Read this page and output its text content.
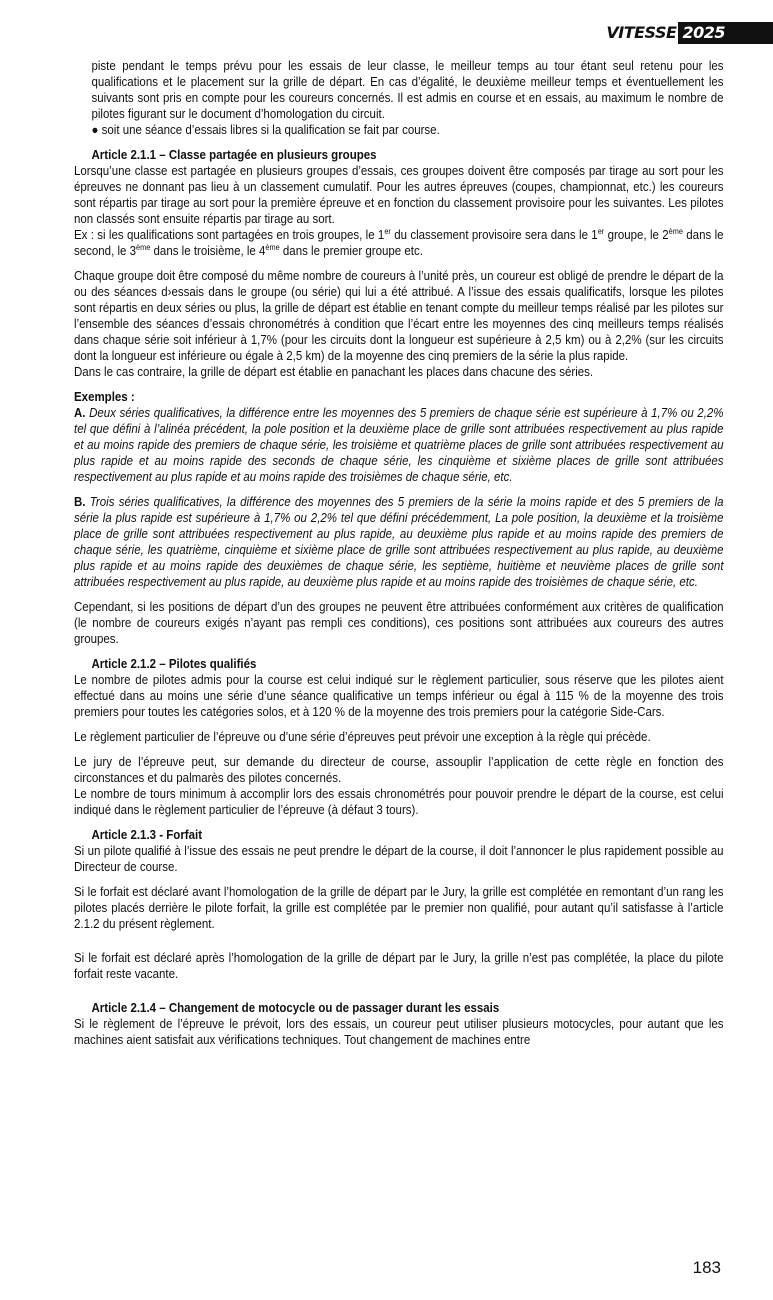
VITESSE 2025

piste pendant le temps prévu pour les essais de leur classe, le meilleur temps au tour étant seul retenu pour les qualifications et le placement sur la grille de départ. En cas d’égalité, le deuxième meilleur temps et éventuellement les suivants sont pris en compte pour les coureurs concernés. Il est admis en course et en essais, au maximum le nombre de pilotes figurant sur le document d’homologation du circuit.

● soit une séance d’essais libres si la qualification se fait par course.

Article 2.1.1 – Classe partagée en plusieurs groupes

Lorsqu’une classe est partagée en plusieurs groupes d’essais, ces groupes doivent être composés par tirage au sort pour les épreuves ne donnant pas lieu à un classement cumulatif. Pour les autres épreuves (coupes, championnat, etc.) les coureurs sont répartis par tirage au sort pour la première épreuve et en fonction du classement provisoire pour les suivantes. Les pilotes non classés sont ensuite répartis par tirage au sort.

Ex : si les qualifications sont partagées en trois groupes, le 1er du classement provisoire sera dans le 1er groupe, le 2ème dans le second, le 3ème dans le troisième, le 4ème dans le premier groupe etc.

Chaque groupe doit être composé du même nombre de coureurs à l’unité près, un coureur est obligé de prendre le départ de la ou des séances d›essais dans le groupe (ou série) qui lui a été attribué. A l’issue des essais qualificatifs, lorsque les pilotes sont répartis en deux séries ou plus, la grille de départ est établie en tenant compte du meilleur temps réalisé par les pilotes sur l’ensemble des séances d’essais chronométrés à condition que l’écart entre les moyennes des cinq meilleurs temps réalisés dans chaque série soit inférieur à 1,7% (pour les circuits dont la longueur est supérieure à 2,5 km) ou à 2,2% (sur les circuits dont la longueur est inférieure ou égale à 2,5 km) de la moyenne des cinq premiers de la série la plus rapide.

Dans le cas contraire, la grille de départ est établie en panachant les places dans chacune des séries.

Exemples :

A. Deux séries qualificatives, la différence entre les moyennes des 5 premiers de chaque série est supérieure à 1,7% ou 2,2% tel que défini à l’alinéa précédent, la pole position et la deuxième place de grille sont attribuées respectivement au plus rapide et au moins rapide des premiers de chaque série, les troisième et quatrième places de grille sont attribuées respectivement au plus rapide et au moins rapide des seconds de chaque série, les cinquième et sixième places de grille sont attribuées respectivement au plus rapide et au moins rapide des troisièmes de chaque série, etc.

B. Trois séries qualificatives, la différence des moyennes des 5 premiers de la série la moins rapide et des 5 premiers de la série la plus rapide est supérieure à 1,7% ou 2,2% tel que défini précédemment, La pole position, la deuxième et la troisième place de grille sont attribuées respectivement au plus rapide, au deuxième plus rapide et au moins rapide des premiers de chaque série, les quatrième, cinquième et sixième place de grille sont attribuées respectivement au plus rapide, au deuxième plus rapide et au moins rapide des deuxièmes de chaque série, les septième, huitième et neuvième places de grille sont attribuées respectivement au plus rapide, au deuxième plus rapide et au moins rapide des troisièmes de chaque série, etc.

Cependant, si les positions de départ d’un des groupes ne peuvent être attribuées conformément aux critères de qualification (le nombre de coureurs exigés n’ayant pas rempli ces conditions), ces positions sont attribuées aux coureurs des autres groupes.

Article 2.1.2 – Pilotes qualifiés

Le nombre de pilotes admis pour la course est celui indiqué sur le règlement particulier, sous réserve que les pilotes aient effectué dans au moins une série d’une séance qualificative un temps inférieur ou égal à 115 % de la moyenne des trois premiers pour toutes les catégories solos, et à 120 % de la moyenne des trois premiers pour la catégorie Side-Cars.

Le règlement particulier de l’épreuve ou d’une série d’épreuves peut prévoir une exception à la règle qui précède.

Le jury de l’épreuve peut, sur demande du directeur de course, assouplir l’application de cette règle en fonction des circonstances et du palmarès des pilotes concernés.

Le nombre de tours minimum à accomplir lors des essais chronométrés pour pouvoir prendre le départ de la course, est celui indiqué dans le règlement particulier de l’épreuve (à défaut 3 tours).

Article 2.1.3 - Forfait

Si un pilote qualifié à l’issue des essais ne peut prendre le départ de la course, il doit l’annoncer le plus rapidement possible au Directeur de course.

Si le forfait est déclaré avant l’homologation de la grille de départ par le Jury, la grille est complétée en remontant d’un rang les pilotes placés derrière le pilote forfait, la grille est complétée par le premier non qualifié, pour autant qu’il satisfasse à l’article 2.1.2 du présent règlement.

Si le forfait est déclaré après l’homologation de la grille de départ par le Jury, la grille n’est pas complétée, la place du pilote forfait reste vacante.

Article 2.1.4 – Changement de motocycle ou de passager durant les essais

Si le règlement de l’épreuve le prévoit, lors des essais, un coureur peut utiliser plusieurs motocycles, pour autant que les machines aient satisfait aux vérifications techniques. Tout changement de machines entre

183
